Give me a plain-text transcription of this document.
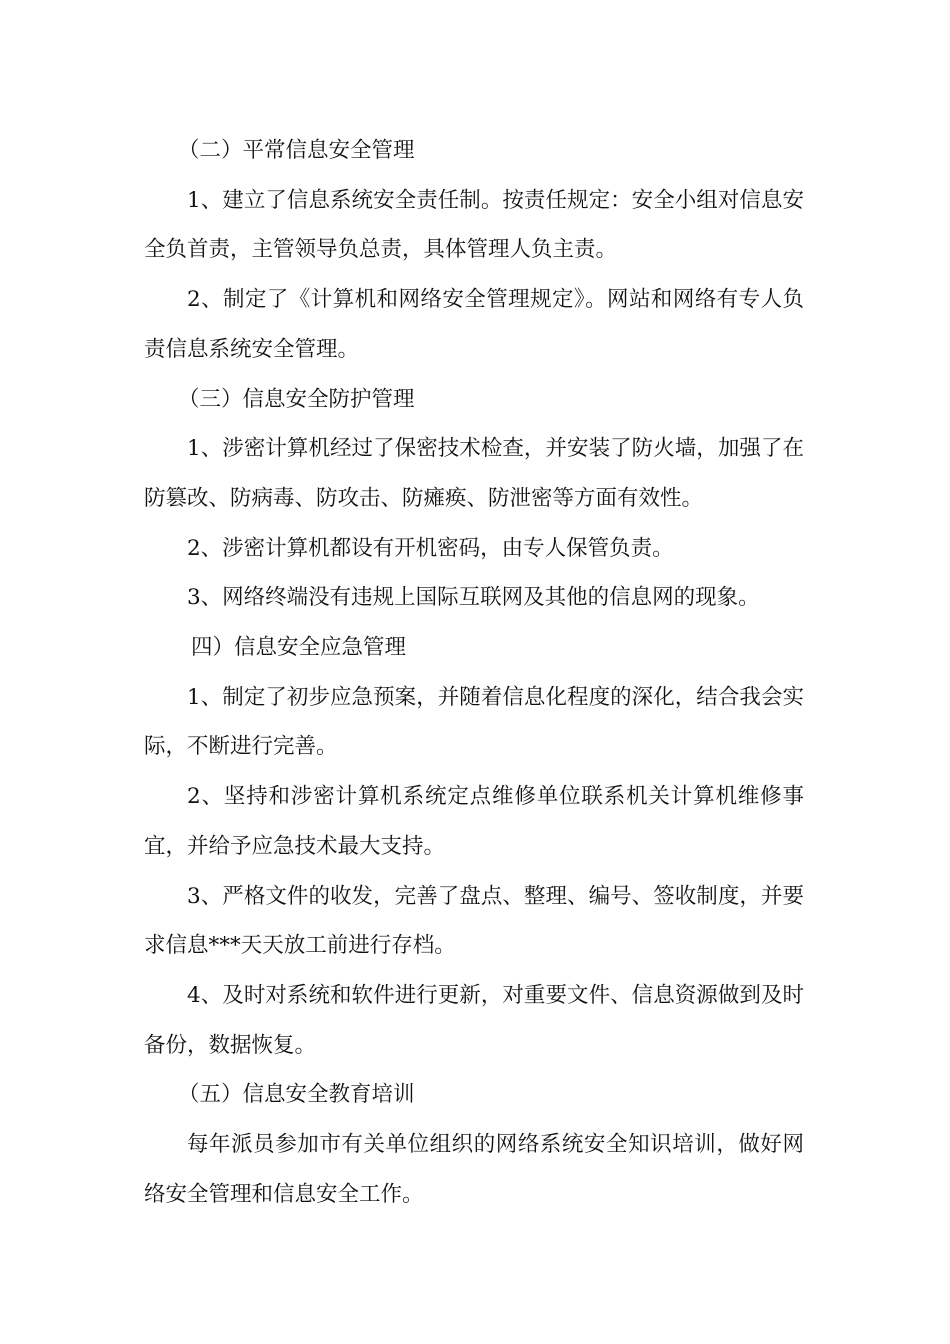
（二）平常信息安全管理

1、建立了信息系统安全责任制。按责任规定：安全小组对信息安全负首责，主管领导负总责，具体管理人负主责。

2、制定了《计算机和网络安全管理规定》。网站和网络有专人负责信息系统安全管理。

（三）信息安全防护管理

1、涉密计算机经过了保密技术检查，并安装了防火墙，加强了在防篡改、防病毒、防攻击、防瘫痪、防泄密等方面有效性。

2、涉密计算机都设有开机密码，由专人保管负责。

3、网络终端没有违规上国际互联网及其他的信息网的现象。

四）信息安全应急管理

1、制定了初步应急预案，并随着信息化程度的深化，结合我会实际，不断进行完善。

2、坚持和涉密计算机系统定点维修单位联系机关计算机维修事宜，并给予应急技术最大支持。

3、严格文件的收发，完善了盘点、整理、编号、签收制度，并要求信息***天天放工前进行存档。

4、及时对系统和软件进行更新，对重要文件、信息资源做到及时备份，数据恢复。

（五）信息安全教育培训

每年派员参加市有关单位组织的网络系统安全知识培训，做好网络安全管理和信息安全工作。
